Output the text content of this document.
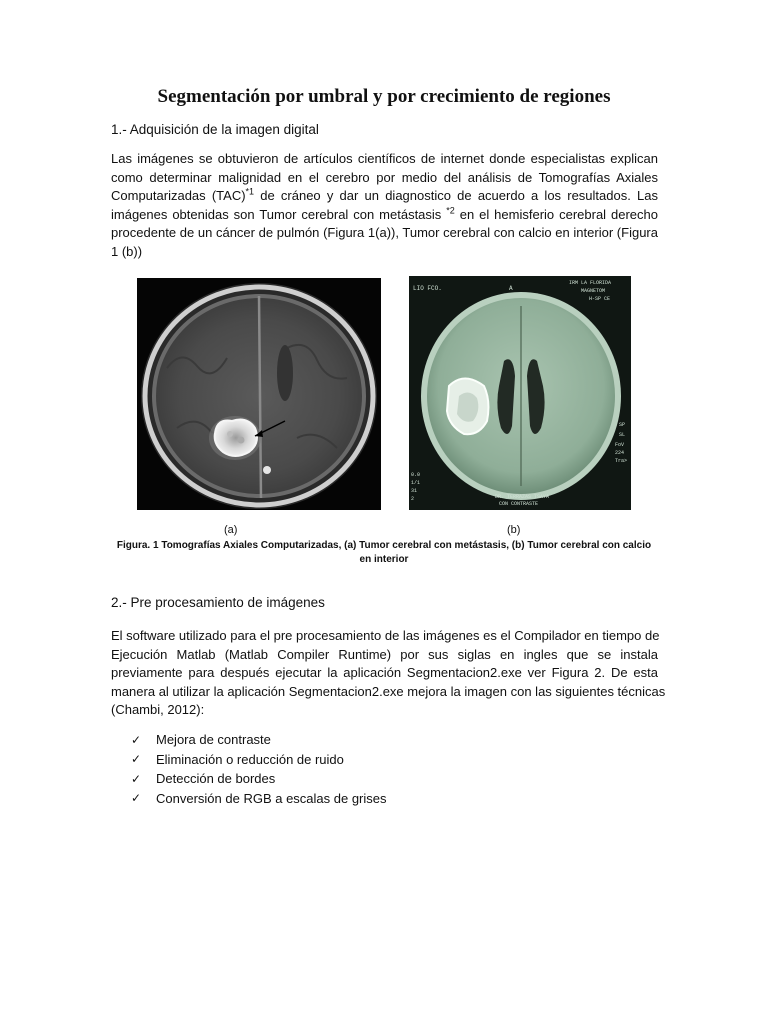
Segmentación por umbral y por crecimiento de regiones
1.- Adquisición de la imagen digital

Las imágenes se obtuvieron de artículos científicos de internet donde especialistas explican
como determinar malignidad en el cerebro por medio del análisis de Tomografías Axiales
Computarizadas (TAC)$^{*1}$ de cráneo y dar un diagnostico de acuerdo a los resultados. Las
imágenes obtenidas son Tumor cerebral con metástasis $^{*2}$ en el hemisferio cerebral derecho
procedente de un cáncer de pulmón (Figura 1(a)), Tumor cerebral con calcio en interior (Figura
1 (b))

LIO FCO.	A
IRM LA FLORIDA
MAGNETOM
H-SP CE
SP
SL
FoV
224
Tra>
0.0
1/1
31
2	DR. TERRAZAS TSAYA
CON CONTRASTE
(a)	(b)
Figura. 1 Tomografías Axiales Computarizadas, (a) Tumor cerebral con metástasis, (b) Tumor cerebral con calcio
en interior
2.- Pre procesamiento de imágenes

El software utilizado para el pre procesamiento de las imágenes es el Compilador en tiempo de
Ejecución Matlab (Matlab Compiler Runtime) por sus siglas en ingles que se instala
previamente para después ejecutar la aplicación Segmentacion2.exe ver Figura 2. De esta
manera al utilizar la aplicación Segmentacion2.exe mejora la imagen con las siguientes técnicas
(Chambi, 2012):

✓	Mejora de contraste
✓	Eliminación o reducción de ruido
✓	Detección de bordes
✓	Conversión de RGB a escalas de grises
